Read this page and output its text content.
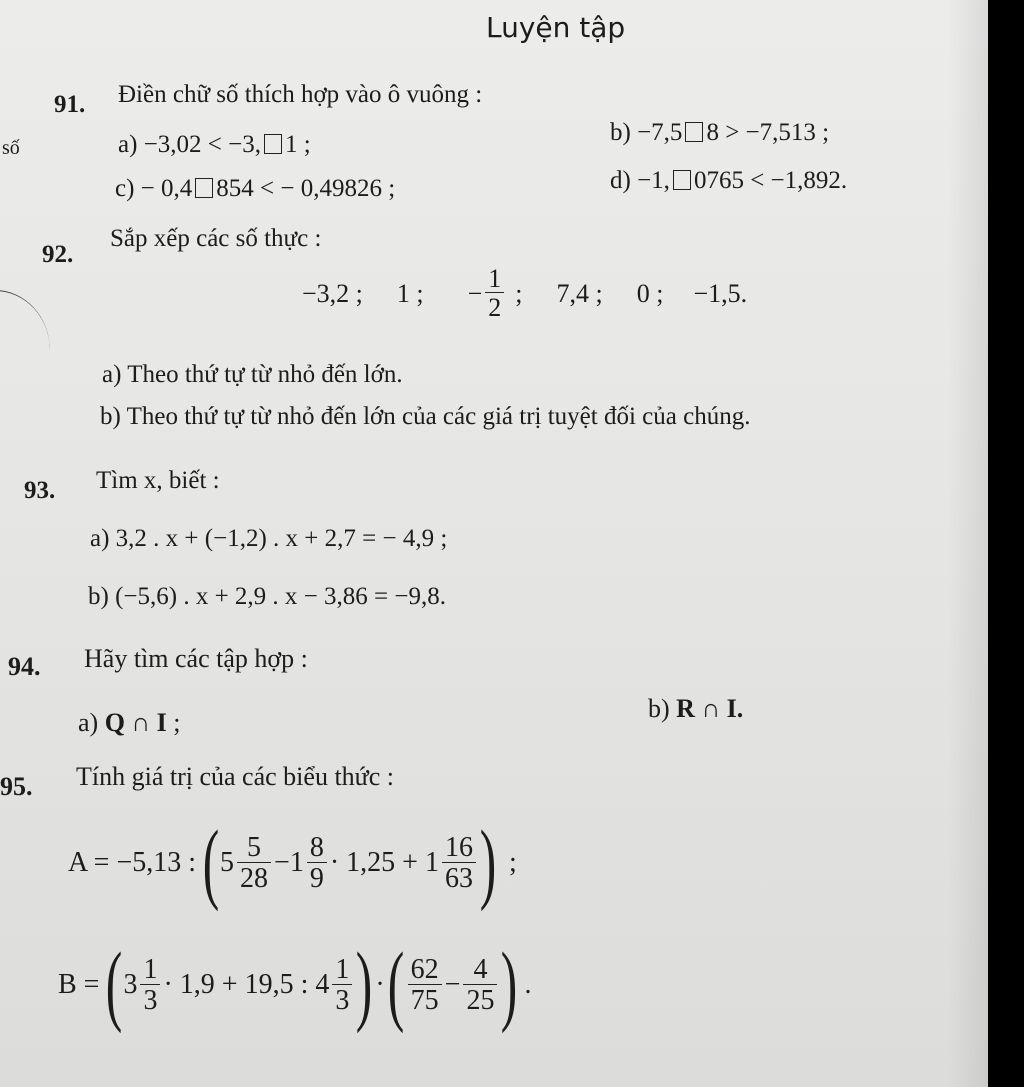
Luyện tập
số
91. Điền chữ số thích hợp vào ô vuông :
a) −3,02 < −3, 1 ;	b) −7,5 8 > −7,513 ;
c) − 0,4 854 < − 0,49826 ;	d) −1, 0765 < −1,892.
92.
Sắp xếp các số thực :
−3,2 ; 1 ; − $\frac{1}{2}$ ; 7,4 ; 0 ; −1,5.
a) Theo thứ tự từ nhỏ đến lớn.
b) Theo thứ tự từ nhỏ đến lớn của các giá trị tuyệt đối của chúng.
93. Tìm x, biết :
a) 3,2 . x + (−1,2) . x + 2,7 = − 4,9 ;
b) (−5,6) . x + 2,9 . x − 3,86 = −9,8.
94. Hãy tìm các tập hợp :
a) Q ∩ I ;	b) R ∩ I.
95. Tính giá trị của các biểu thức :
A = −5,13 : ( $5 \frac{5}{28} -1 \frac{8}{9} \cdot 1,25 + 1 \frac{16}{63}$ ) ;
B = ( $3 \frac{1}{3} \cdot 1,9 + 19,5$ : $4 \frac{1}{3}$ ) · ( $\frac{62}{75} - \frac{4}{25}$ ) .
